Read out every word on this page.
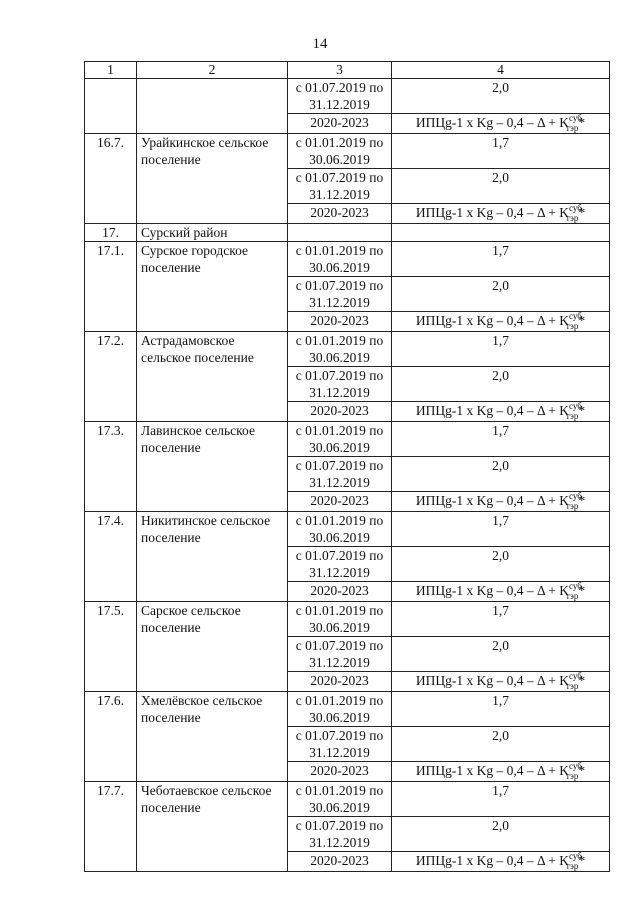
14
1	2	3	4
		с 01.07.2019 по 31.12.2019	2,0
		2020-2023	ИПЦg-1 х $Kg - 0,4 - \Delta + K^{суб}_{тэр}*$
16.7.	Урайкинское сельское поселение	с 01.01.2019 по 30.06.2019	1,7
		с 01.07.2019 по 31.12.2019	2,0
		2020-2023	ИПЦg-1 х $Kg - 0,4 - \Delta + K^{суб}_{тэр}*$
17.	Сурский район		
17.1.	Сурское городское поселение	с 01.01.2019 по 30.06.2019	1,7
		с 01.07.2019 по 31.12.2019	2,0
		2020-2023	ИПЦg-1 х $Kg - 0,4 - \Delta + K^{суб}_{тэр}*$
17.2.	Астрадамовское сельское поселение	с 01.01.2019 по 30.06.2019	1,7
		с 01.07.2019 по 31.12.2019	2,0
		2020-2023	ИПЦg-1 х $Kg - 0,4 - \Delta + K^{суб}_{тэр}*$
17.3.	Лавинское сельское поселение	с 01.01.2019 по 30.06.2019	1,7
		с 01.07.2019 по 31.12.2019	2,0
		2020-2023	ИПЦg-1 х $Kg - 0,4 - \Delta + K^{суб}_{тэр}*$
17.4.	Никитинское сельское поселение	с 01.01.2019 по 30.06.2019	1,7
		с 01.07.2019 по 31.12.2019	2,0
		2020-2023	ИПЦg-1 х $Kg - 0,4 - \Delta + K^{суб}_{тэр}*$
17.5.	Сарское сельское поселение	с 01.01.2019 по 30.06.2019	1,7
		с 01.07.2019 по 31.12.2019	2,0
		2020-2023	ИПЦg-1 х $Kg - 0,4 - \Delta + K^{суб}_{тэр}*$
17.6.	Хмелёвское сельское поселение	с 01.01.2019 по 30.06.2019	1,7
		с 01.07.2019 по 31.12.2019	2,0
		2020-2023	ИПЦg-1 х $Kg - 0,4 - \Delta + K^{суб}_{тэр}*$
17.7.	Чеботаевское сельское поселение	с 01.01.2019 по 30.06.2019	1,7
		с 01.07.2019 по 31.12.2019	2,0
		2020-2023	ИПЦg-1 х $Kg - 0,4 - \Delta + K^{суб}_{тэр}*$
